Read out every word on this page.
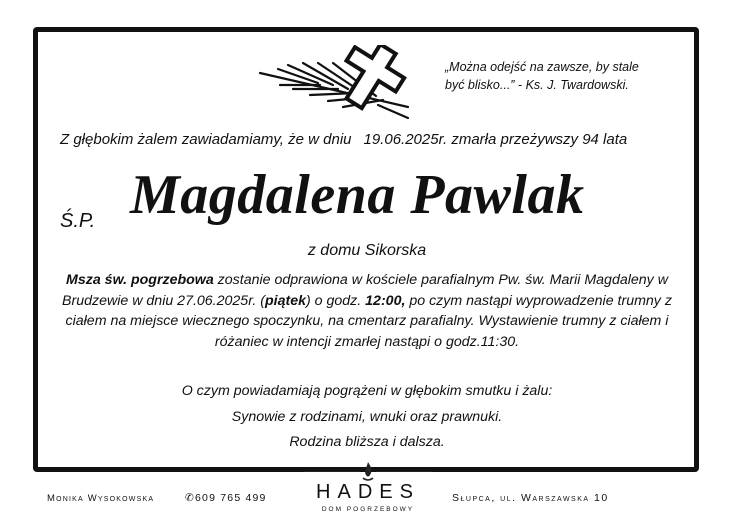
„Można odejść na zawsze, by stale
być blisko...” - Ks. J. Twardowski.
Z głębokim żalem zawiadamiamy, że w dniu 19.06.2025r. zmarła przeżywszy 94 lata
Ś.P. Magdalena Pawlak
z domu Sikorska
Msza św. pogrzebowa zostanie odprawiona w kościele parafialnym Pw. św. Marii Magdaleny w Brudzewie w dniu 27.06.2025r. (piątek) o godz. 12:00, po czym nastąpi wyprowadzenie trumny z ciałem na miejsce wiecznego spoczynku, na cmentarz parafialny. Wystawienie trumny z ciałem i różaniec w intencji zmarłej nastąpi o godz.11:30.
O czym powiadamiają pogrążeni w głębokim smutku i żalu:
Synowie z rodzinami, wnuki oraz prawnuki.
Rodzina bliższa i dalsza.
Monika Wysokowska	✆609 765 499	HADES
DOM POGRZEBOWY
Słupca, ul. Warszawska 10
